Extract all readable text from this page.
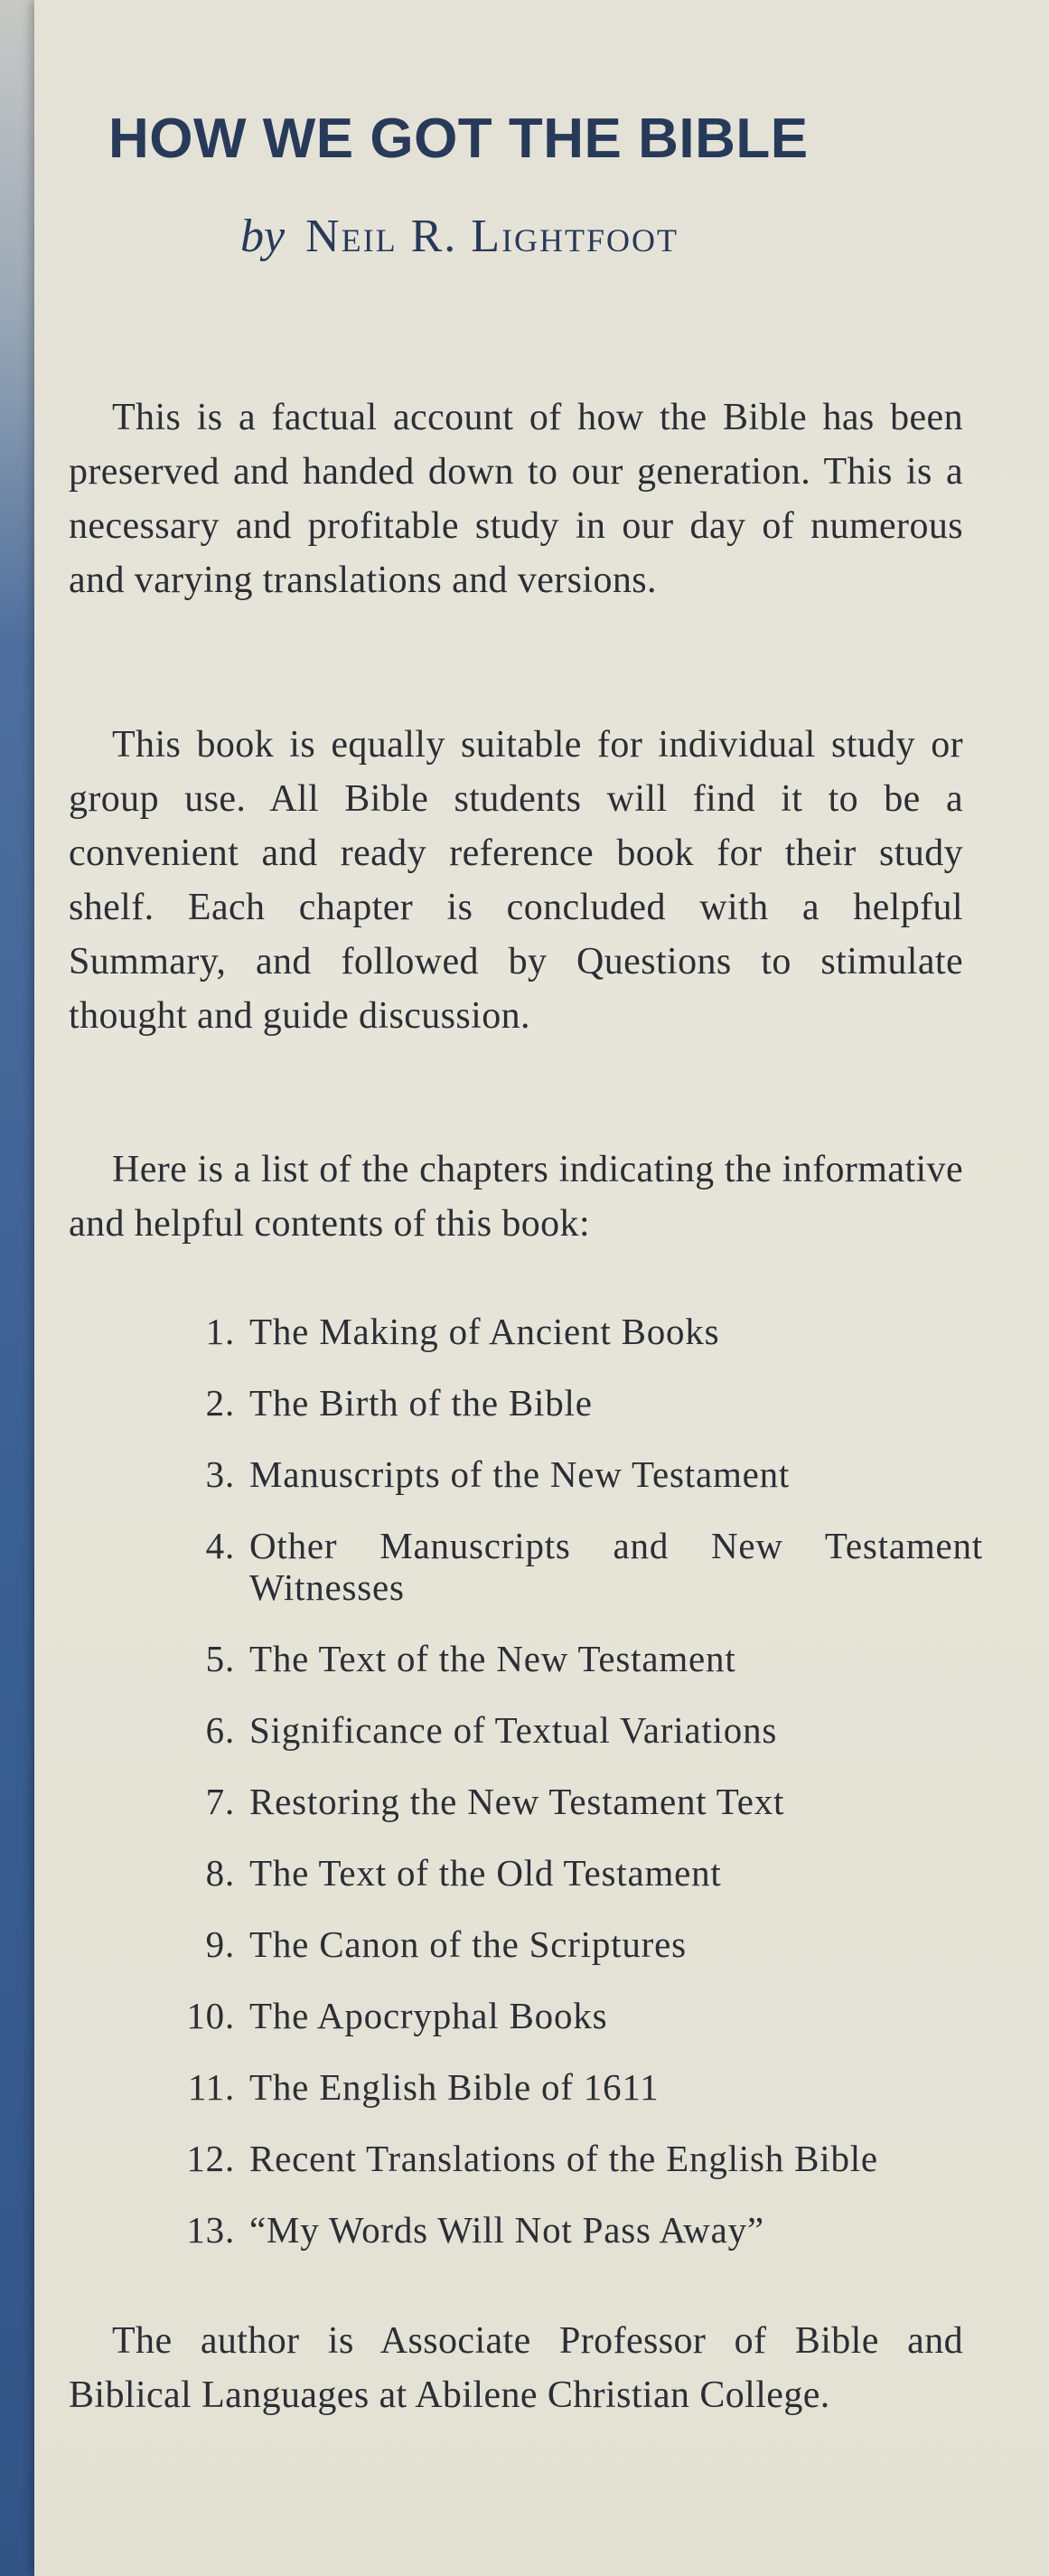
HOW WE GOT THE BIBLE
by Neil R. Lightfoot

This is a factual account of how the Bible has been preserved and handed down to our generation. This is a necessary and profitable study in our day of numerous and varying translations and versions.

This book is equally suitable for individual study or group use. All Bible students will find it to be a convenient and ready reference book for their study shelf. Each chapter is concluded with a helpful Summary, and followed by Questions to stimulate thought and guide discussion.

Here is a list of the chapters indicating the informative and helpful contents of this book:

1. The Making of Ancient Books
2. The Birth of the Bible
3. Manuscripts of the New Testament
4. Other Manuscripts and New Testament Witnesses
5. The Text of the New Testament
6. Significance of Textual Variations
7. Restoring the New Testament Text
8. The Text of the Old Testament
9. The Canon of the Scriptures
10. The Apocryphal Books
11. The English Bible of 1611
12. Recent Translations of the English Bible
13. “My Words Will Not Pass Away”

The author is Associate Professor of Bible and Biblical Languages at Abilene Christian College.
